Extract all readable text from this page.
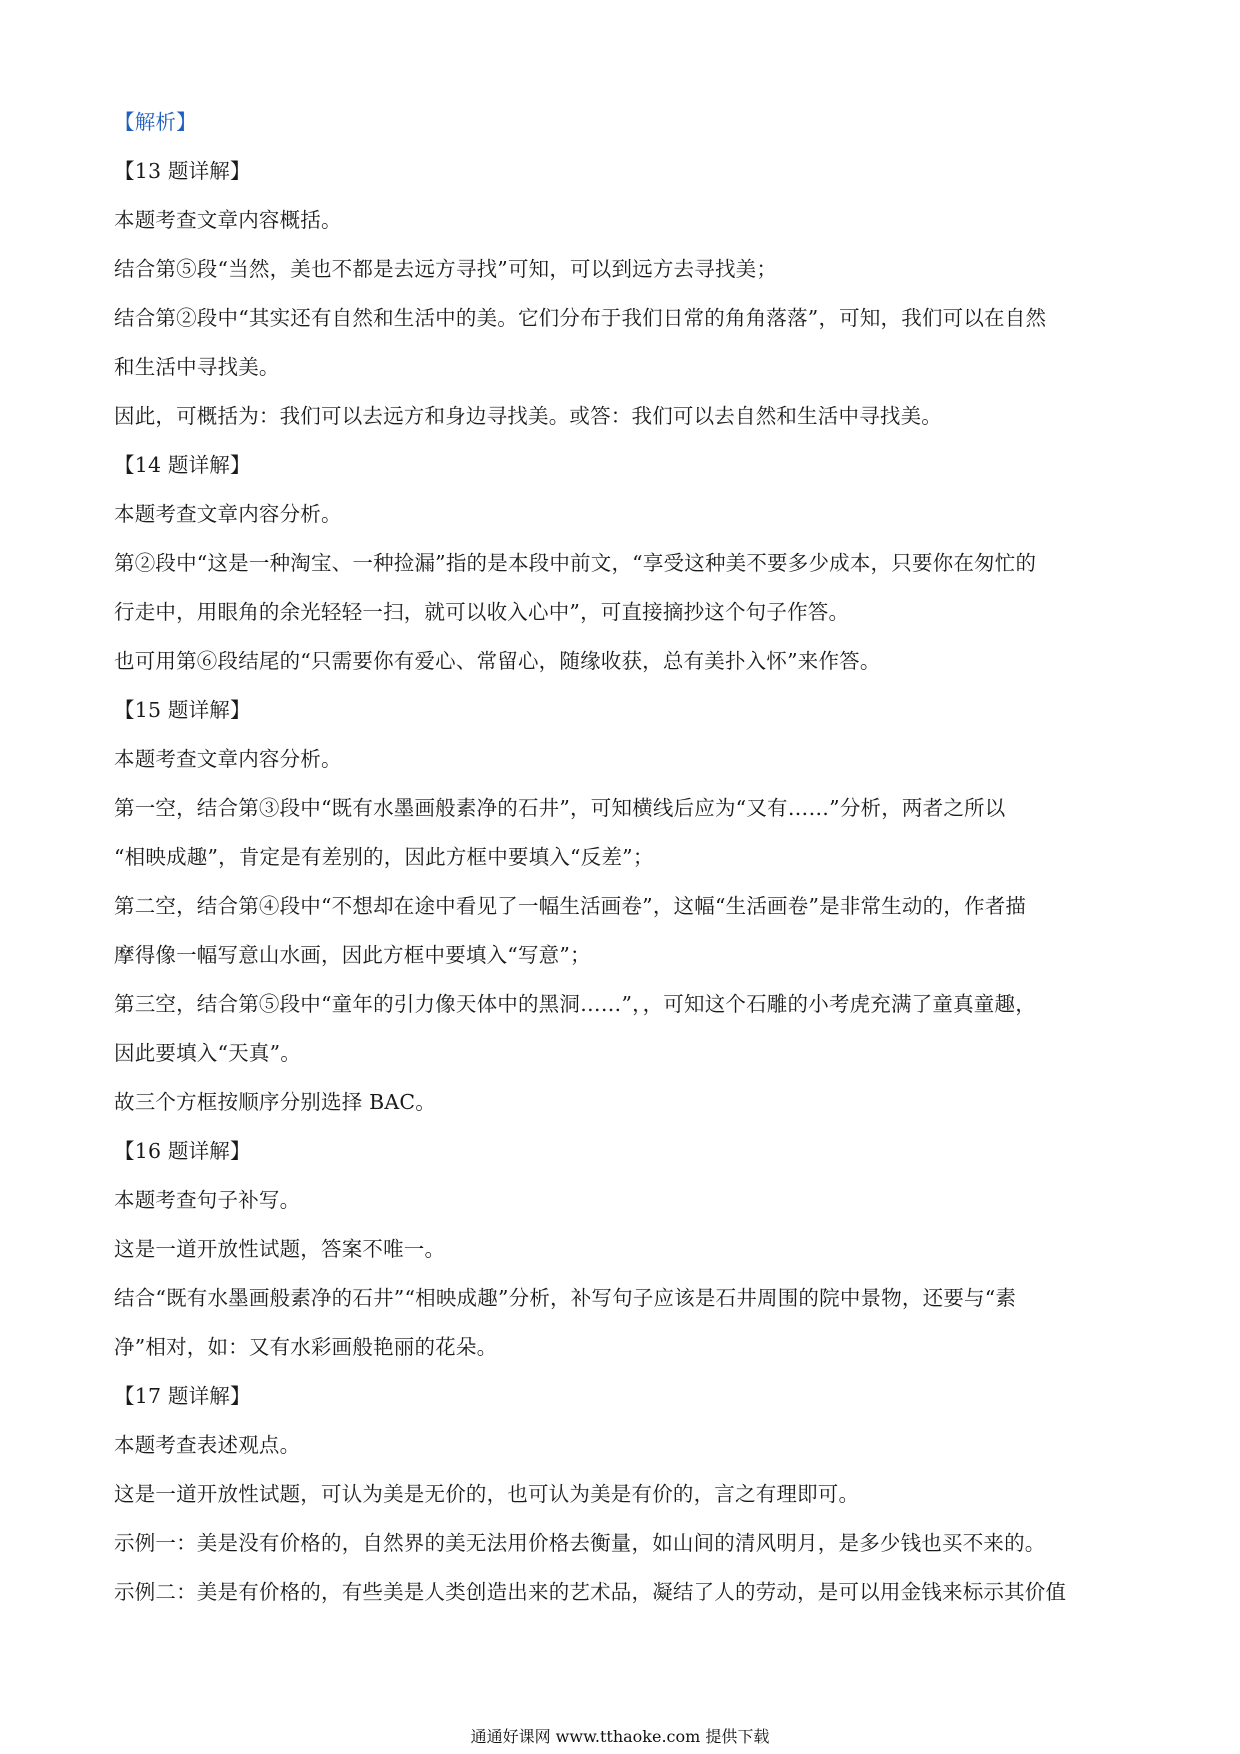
【解析】
【13 题详解】
本题考查文章内容概括。
结合第⑤段“当然，美也不都是去远方寻找”可知，可以到远方去寻找美；
结合第②段中“其实还有自然和生活中的美。它们分布于我们日常的角角落落”，可知，我们可以在自然
和生活中寻找美。
因此，可概括为：我们可以去远方和身边寻找美。或答：我们可以去自然和生活中寻找美。
【14 题详解】
本题考查文章内容分析。
第②段中“这是一种淘宝、一种捡漏”指的是本段中前文，“享受这种美不要多少成本，只要你在匆忙的
行走中，用眼角的余光轻轻一扫，就可以收入心中”，可直接摘抄这个句子作答。
也可用第⑥段结尾的“只需要你有爱心、常留心，随缘收获，总有美扑入怀”来作答。
【15 题详解】
本题考查文章内容分析。
第一空，结合第③段中“既有水墨画般素净的石井”，可知横线后应为“又有……”分析，两者之所以
“相映成趣”，肯定是有差别的，因此方框中要填入“反差”；
第二空，结合第④段中“不想却在途中看见了一幅生活画卷”，这幅“生活画卷”是非常生动的，作者描
摩得像一幅写意山水画，因此方框中要填入“写意”；
第三空，结合第⑤段中“童年的引力像天体中的黑洞……”，，可知这个石雕的小考虎充满了童真童趣，
因此要填入“天真”。
故三个方框按顺序分别选择 BAC。
【16 题详解】
本题考查句子补写。
这是一道开放性试题，答案不唯一。
结合“既有水墨画般素净的石井”“相映成趣”分析，补写句子应该是石井周围的院中景物，还要与“素
净”相对，如：又有水彩画般艳丽的花朵。
【17 题详解】
本题考查表述观点。
这是一道开放性试题，可认为美是无价的，也可认为美是有价的，言之有理即可。
示例一：美是没有价格的，自然界的美无法用价格去衡量，如山间的清风明月，是多少钱也买不来的。
示例二：美是有价格的，有些美是人类创造出来的艺术品，凝结了人的劳动，是可以用金钱来标示其价值
通通好课网 www.tthaoke.com 提供下载
